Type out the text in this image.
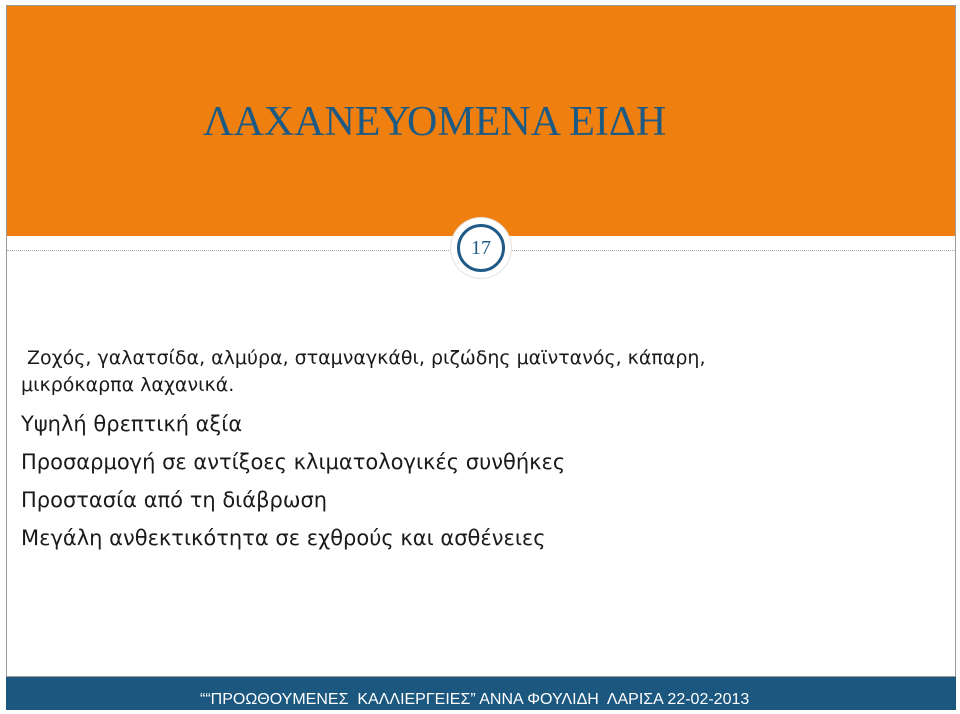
ΛΑΧΑΝΕΥΟΜΕΝΑ ΕΙΔΗ
17

Ζοχός, γαλατσίδα, αλμύρα, σταμναγκάθι, ριζώδης μαϊντανός, κάπαρη,
μικρόκαρπα λαχανικά.

Υψηλή θρεπτική αξία

Προσαρμογή σε αντίξοες κλιματολογικές συνθήκες

Προστασία από τη διάβρωση

Μεγάλη ανθεκτικότητα σε εχθρούς και ασθένειες

““ΠΡΟΩΘΟΥΜΕΝΕΣ  ΚΑΛΛΙΕΡΓΕΙΕΣ” ΑΝΝΑ ΦΟΥΛΙΔΗ  ΛΑΡΙΣΑ 22-02-2013
